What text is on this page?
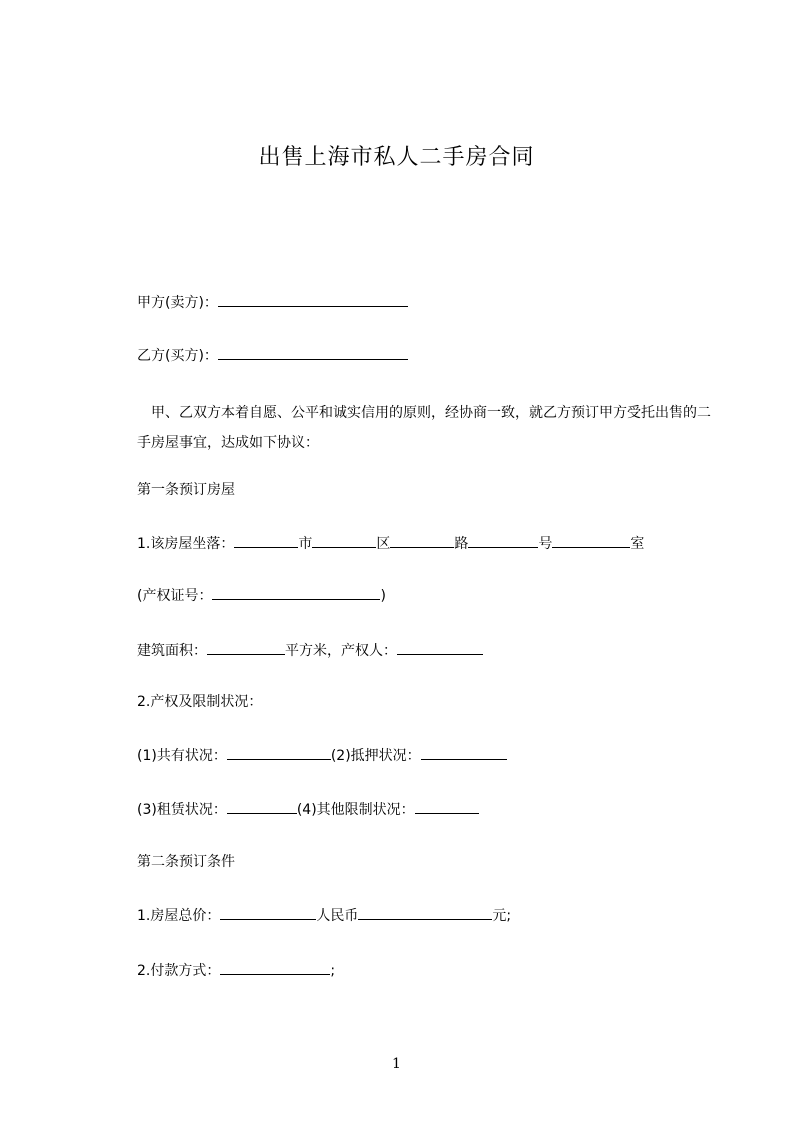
出售上海市私人二手房合同
甲方(卖方)：
乙方(买方)：
　甲、乙双方本着自愿、公平和诚实信用的原则，经协商一致，就乙方预订甲方受托出售的二手房屋事宜，达成如下协议：
第一条预订房屋
1.该房屋坐落：	市	区	路	号	室
(产权证号：	)
建筑面积：	平方米，产权人：
2.产权及限制状况：
(1)共有状况：	(2)抵押状况：
(3)租赁状况：	(4)其他限制状况：
第二条预订条件
1.房屋总价：	人民币	元;
2.付款方式：	;
1
